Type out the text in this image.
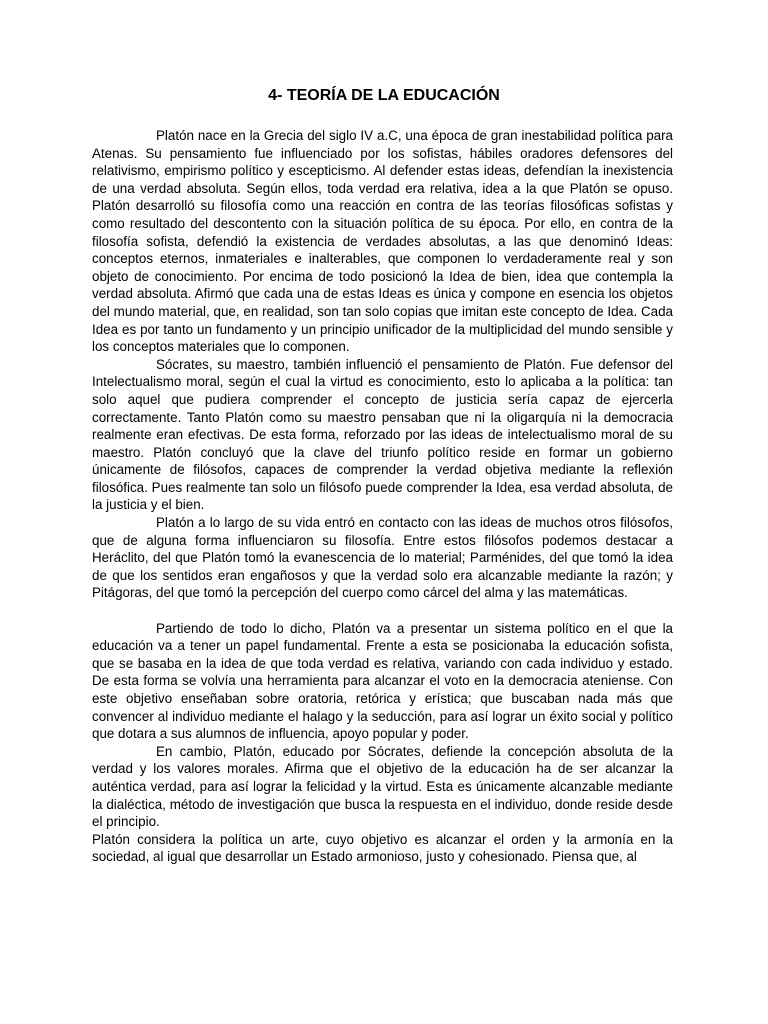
4- TEORÍA DE LA EDUCACIÓN

Platón nace en la Grecia del siglo IV a.C, una época de gran inestabilidad política para Atenas. Su pensamiento fue influenciado por los sofistas, hábiles oradores defensores del relativismo, empirismo político y escepticismo. Al defender estas ideas, defendían la inexistencia de una verdad absoluta. Según ellos, toda verdad era relativa, idea a la que Platón se opuso. Platón desarrolló su filosofía como una reacción en contra de las teorías filosóficas sofistas y como resultado del descontento con la situación política de su época. Por ello, en contra de la filosofía sofista, defendió la existencia de verdades absolutas, a las que denominó Ideas: conceptos eternos, inmateriales e inalterables, que componen lo verdaderamente real y son objeto de conocimiento. Por encima de todo posicionó la Idea de bien, idea que contempla la verdad absoluta. Afirmó que cada una de estas Ideas es única y compone en esencia los objetos del mundo material, que, en realidad, son tan solo copias que imitan este concepto de Idea. Cada Idea es por tanto un fundamento y un principio unificador de la multiplicidad del mundo sensible y los conceptos materiales que lo componen.

Sócrates, su maestro, también influenció el pensamiento de Platón. Fue defensor del Intelectualismo moral, según el cual la virtud es conocimiento, esto lo aplicaba a la política: tan solo aquel que pudiera comprender el concepto de justicia sería capaz de ejercerla correctamente. Tanto Platón como su maestro pensaban que ni la oligarquía ni la democracia realmente eran efectivas. De esta forma, reforzado por las ideas de intelectualismo moral de su maestro. Platón concluyó que la clave del triunfo político reside en formar un gobierno únicamente de filósofos, capaces de comprender la verdad objetiva mediante la reflexión filosófica. Pues realmente tan solo un filósofo puede comprender la Idea, esa verdad absoluta, de la justicia y el bien.

Platón a lo largo de su vida entró en contacto con las ideas de muchos otros filósofos, que de alguna forma influenciaron su filosofía. Entre estos filósofos podemos destacar a Heráclito, del que Platón tomó la evanescencia de lo material; Parménides, del que tomó la idea de que los sentidos eran engañosos y que la verdad solo era alcanzable mediante la razón; y Pitágoras, del que tomó la percepción del cuerpo como cárcel del alma y las matemáticas.

Partiendo de todo lo dicho, Platón va a presentar un sistema político en el que la educación va a tener un papel fundamental. Frente a esta se posicionaba la educación sofista, que se basaba en la idea de que toda verdad es relativa, variando con cada individuo y estado. De esta forma se volvía una herramienta para alcanzar el voto en la democracia ateniense. Con este objetivo enseñaban sobre oratoria, retórica y erística; que buscaban nada más que convencer al individuo mediante el halago y la seducción, para así lograr un éxito social y político que dotara a sus alumnos de influencia, apoyo popular y poder.

En cambio, Platón, educado por Sócrates, defiende la concepción absoluta de la verdad y los valores morales. Afirma que el objetivo de la educación ha de ser alcanzar la auténtica verdad, para así lograr la felicidad y la virtud. Esta es únicamente alcanzable mediante la dialéctica, método de investigación que busca la respuesta en el individuo, donde reside desde el principio.

Platón considera la política un arte, cuyo objetivo es alcanzar el orden y la armonía en la sociedad, al igual que desarrollar un Estado armonioso, justo y cohesionado. Piensa que, al
